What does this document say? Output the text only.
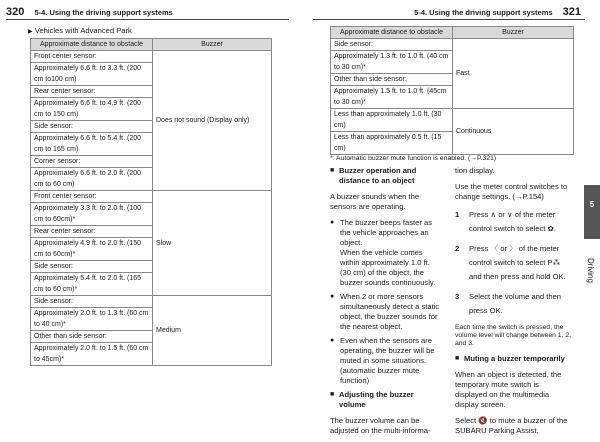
320 5-4. Using the driving support systems	5-4. Using the driving support systems 321
▶ Vehicles with Advanced Park
Approximate distance to obstacle	Buzzer
Front center sensor:	Does not sound (Display only)
Approximately 6.6 ft. to 3.3 ft. (200 cm to100 cm)	
Rear center sensor:	
Approximately 6.6 ft. to 4.9 ft. (200 cm to 150 cm)	
Side sensor:	
Approximately 6.6 ft. to 5.4 ft. (200 cm to 165 cm)	
Corner sensor:	
Approximately 6.6 ft. to 2.0 ft. (200 cm to 60 cm)	
Front center sensor:	Slow
Approximately 3.3 ft. to 2.0 ft. (100 cm to 60cm)*	
Rear center sensor:	
Approximately 4.9 ft. to 2.0 ft. (150 cm to 60cm)*	
Side sensor:	
Approximately 5.4 ft. to 2.0 ft. (165 cm to 60 cm)*	
Side sensor:	Medium
Approximately 2.0 ft. to 1.3 ft. (60 cm to 40 cm)*	
Other than side sensor:	
Approximately 2.0 ft. to 1.5 ft. (60 cm to 45cm)*	
Approximate distance to obstacle	Buzzer
Side sensor:	Fast
Approximately 1.3 ft. to 1.0 ft. (40 cm to 30 cm)*	
Other than side sensor:	
Approximately 1.5 ft. to 1.0 ft. (45cm to 30 cm)*	
Less than approximately 1.0 ft. (30 cm)	Continuous
Less than approximately 0.5 ft. (15 cm)	
*: Automatic buzzer mute function is enabled. (→P.321)

■ Buzzer operation and distance to an object

A buzzer sounds when the sensors are operating.

● The buzzer beeps faster as the vehicle approaches an object.
When the vehicle comes within approximately 1.0 ft. (30 cm) of the object, the buzzer sounds continuously.
● When 2 or more sensors simultaneously detect a static object, the buzzer sounds for the nearest object.
● Even when the sensors are operating, the buzzer will be muted in some situations. (automatic buzzer mute function)

■ Adjusting the buzzer volume

The buzzer volume can be adjusted on the multi-informa-

tion display.

Use the meter control switches to change settings. (→P.154)

1 Press ∧ or ∨ of the meter control switch to select ✿.
2 Press 〈 or 〉 of the meter control switch to select P⁂ and then press and hold OK.
3 Select the volume and then press OK.

Each time the switch is pressed, the volume level will change between 1, 2, and 3.

■ Muting a buzzer temporarily

When an object is detected, the temporary mute switch is displayed on the multimedia display screen.

Select 🔇 to mute a buzzer of the SUBARU Parking Assist,

5
Driving
